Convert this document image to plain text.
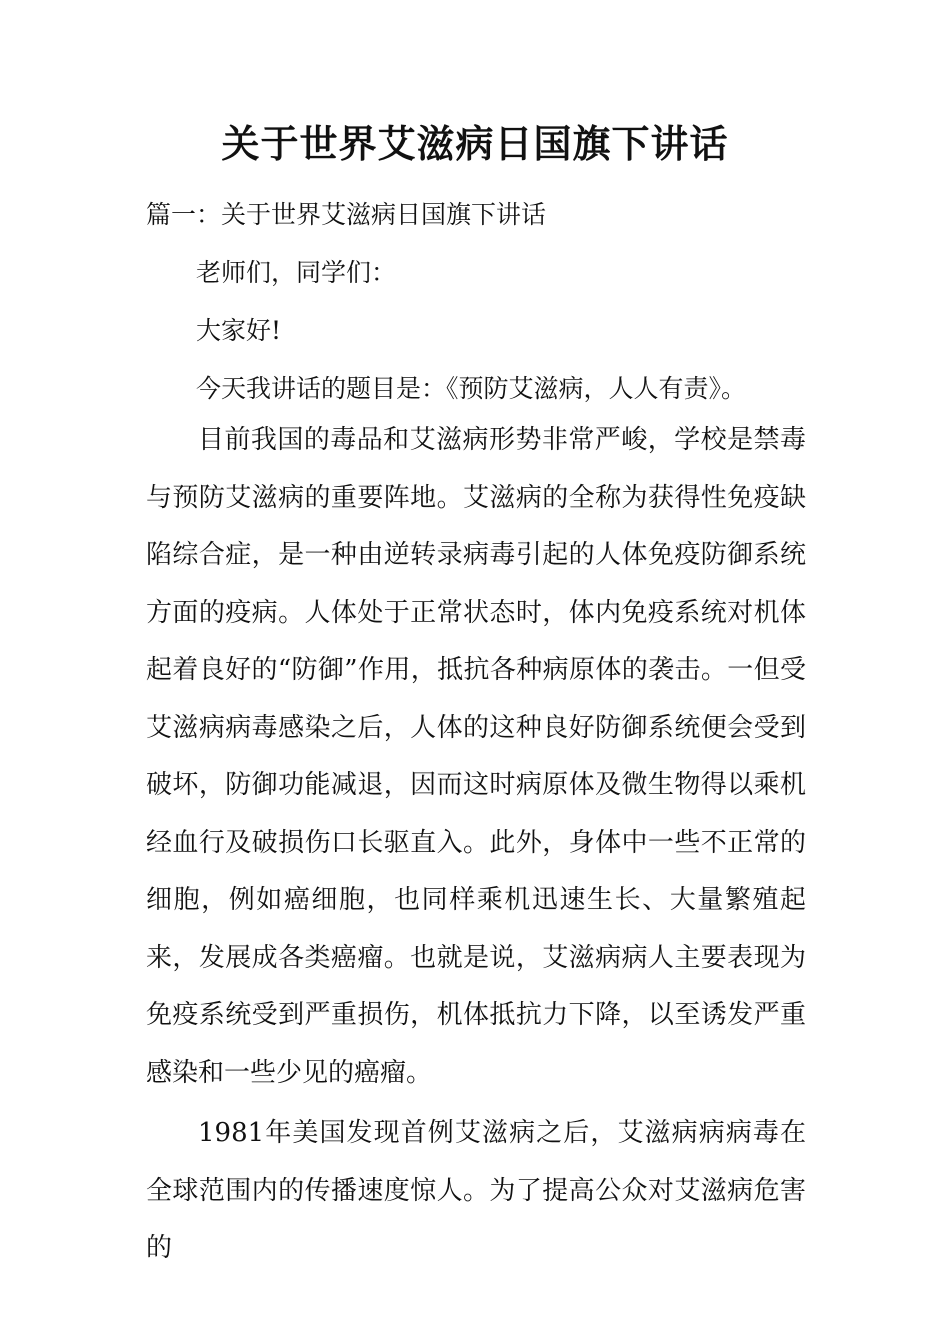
关于世界艾滋病日国旗下讲话

篇一：关于世界艾滋病日国旗下讲话

老师们，同学们：

大家好!

今天我讲话的题目是：《预防艾滋病，人人有责》。

目前我国的毒品和艾滋病形势非常严峻，学校是禁毒与预防艾滋病的重要阵地。艾滋病的全称为获得性免疫缺陷综合症，是一种由逆转录病毒引起的人体免疫防御系统方面的疫病。人体处于正常状态时，体内免疫系统对机体起着良好的“防御”作用，抵抗各种病原体的袭击。一但受艾滋病病毒感染之后，人体的这种良好防御系统便会受到破坏，防御功能减退，因而这时病原体及微生物得以乘机经血行及破损伤口长驱直入。此外，身体中一些不正常的细胞，例如癌细胞，也同样乘机迅速生长、大量繁殖起来，发展成各类癌瘤。也就是说，艾滋病病人主要表现为免疫系统受到严重损伤，机体抵抗力下降，以至诱发严重感染和一些少见的癌瘤。

1981年美国发现首例艾滋病之后，艾滋病病病毒在全球范围内的传播速度惊人。为了提高公众对艾滋病危害的
